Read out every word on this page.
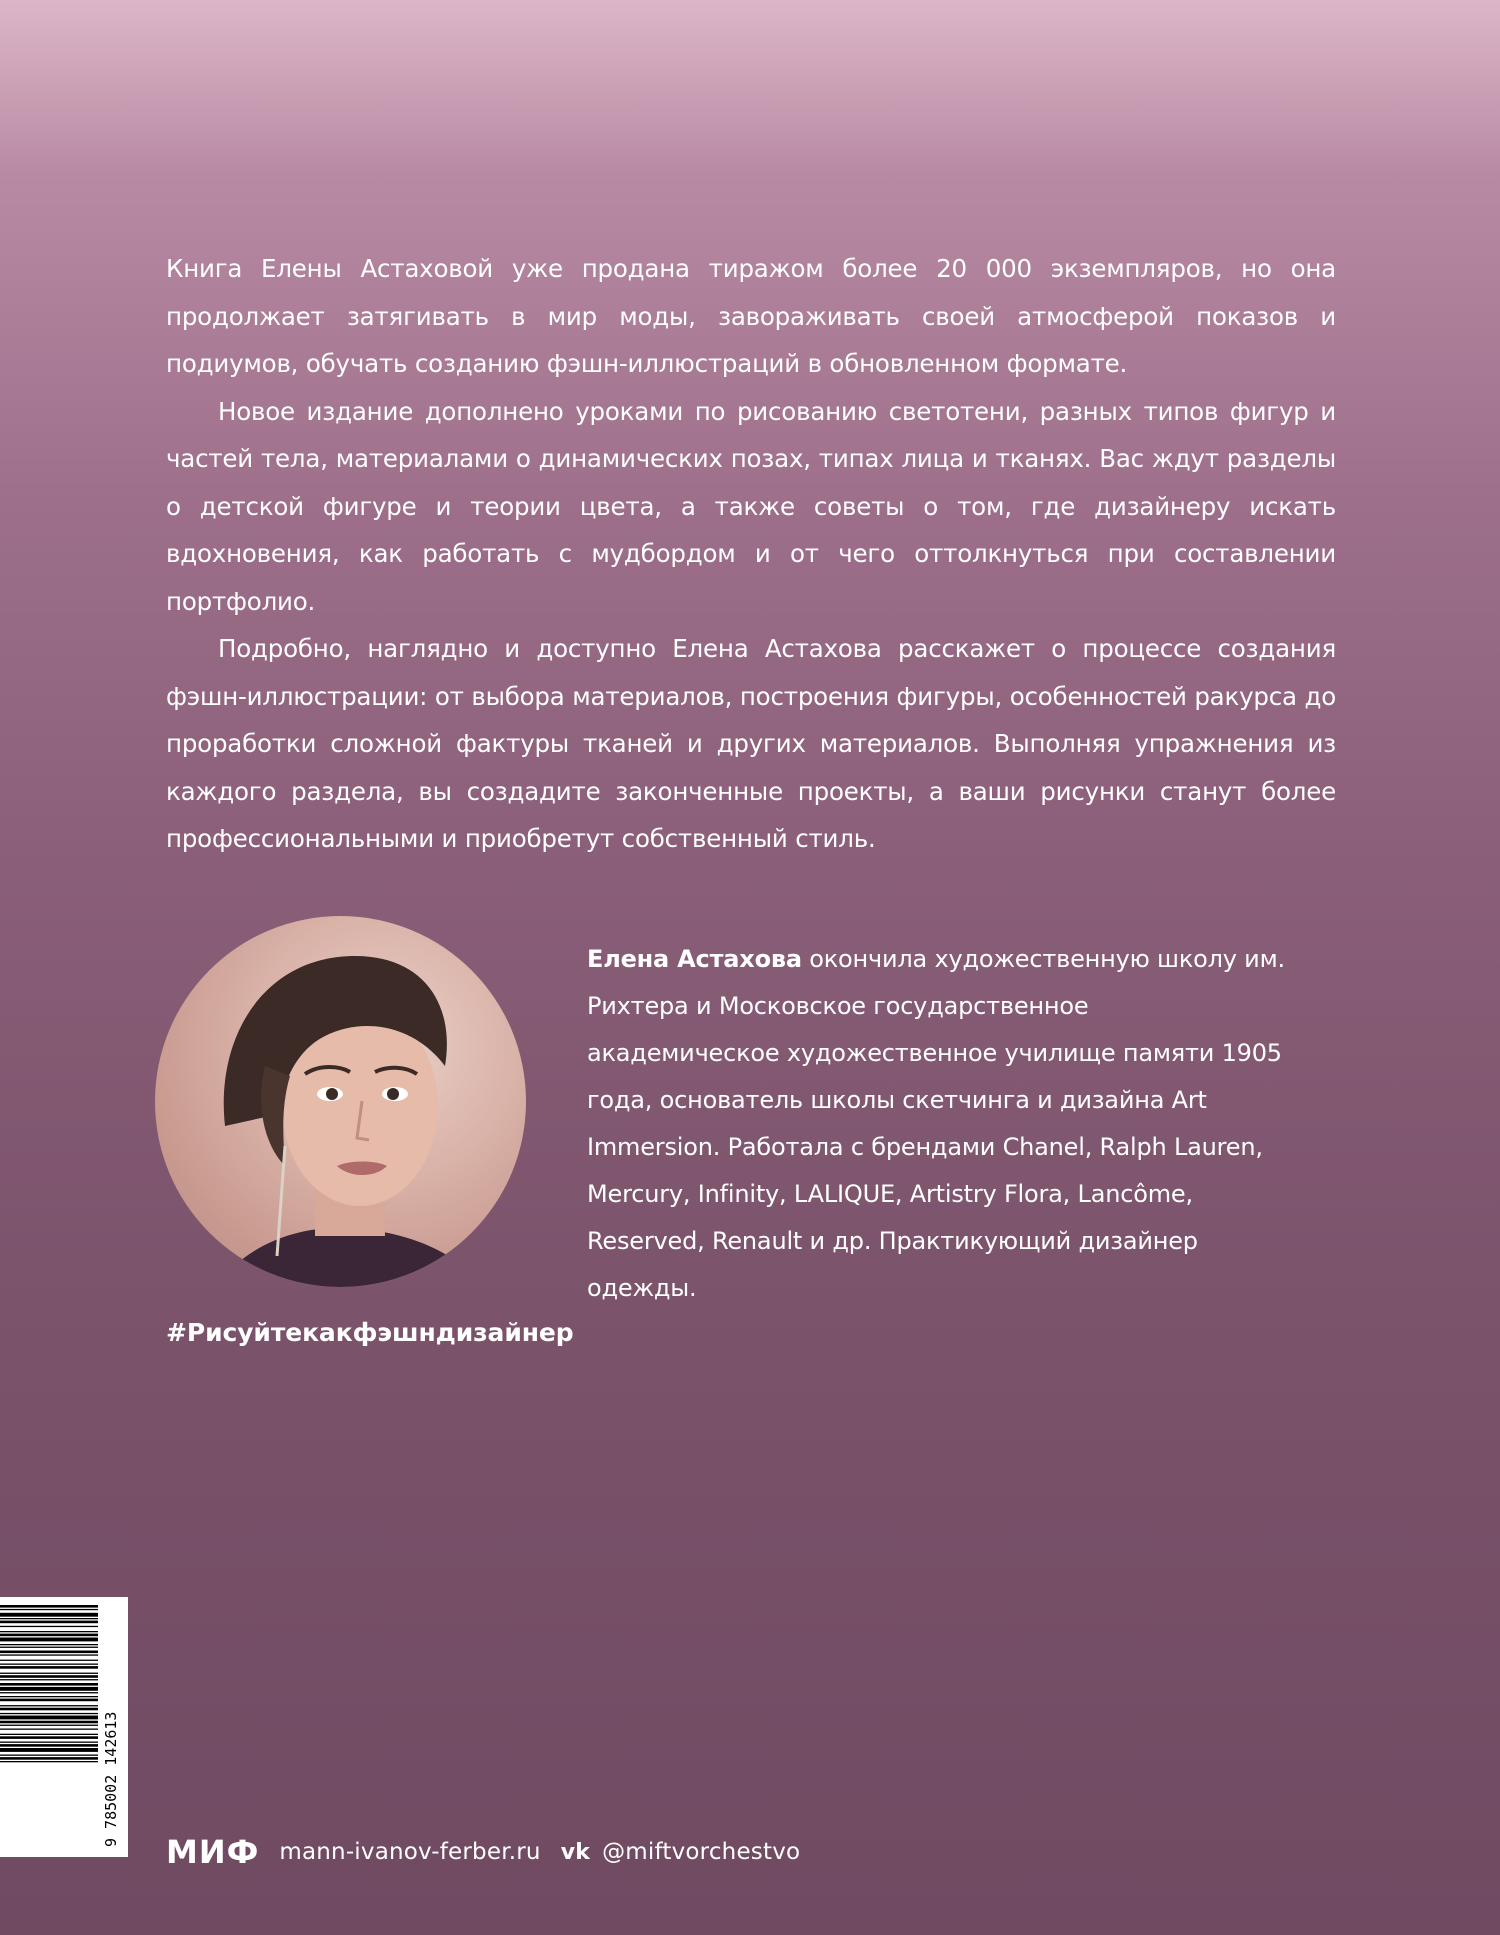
Книга Елены Астаховой уже продана тиражом более 20 000 экземпляров, но она продолжает затягивать в мир моды, завораживать своей атмосферой показов и подиумов, обучать созданию фэшн-иллюстраций в обновленном формате.

Новое издание дополнено уроками по рисованию светотени, разных типов фигур и частей тела, материалами о динамических позах, типах лица и тканях. Вас ждут разделы о детской фигуре и теории цвета, а также советы о том, где дизайнеру искать вдохновения, как работать с мудбордом и от чего оттолкнуться при составлении портфолио.

Подробно, наглядно и доступно Елена Астахова расскажет о процессе создания фэшн-иллюстрации: от выбора материалов, построения фигуры, особенностей ракурса до проработки сложной фактуры тканей и других материалов. Выполняя упражнения из каждого раздела, вы создадите законченные проекты, а ваши рисунки станут более профессиональными и приобретут собственный стиль.

Елена Астахова окончила художественную школу им. Рихтера и Московское государственное академическое художественное училище памяти 1905 года, основатель школы скетчинга и дизайна Art Immersion. Работала с брендами Chanel, Ralph Lauren, Mercury, Infinity, LALIQUE, Artistry Flora, Lancôme, Reserved, Renault и др. Практикующий дизайнер одежды.
#Рисуйтекакфэшндизайнер
9 785002 142613
МИФ mann-ivanov-ferber.ru vk @miftvorchestvo
